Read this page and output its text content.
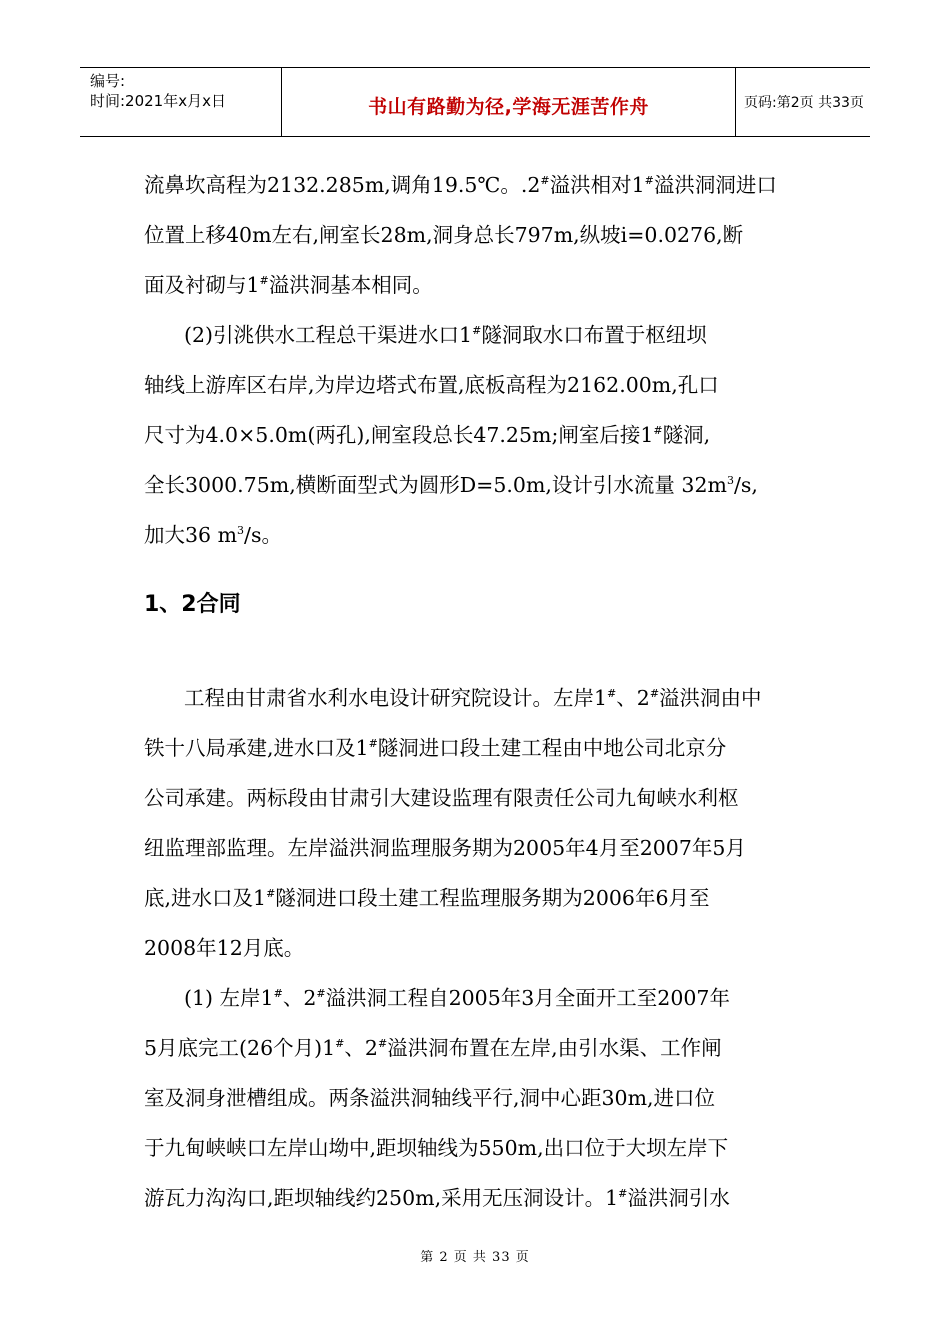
编号:
时间:2021年x月x日	书山有路勤为径,学海无涯苦作舟	页码:第2页 共33页
流鼻坎高程为2132.285m,调角19.5℃。.2#溢洪相对1#溢洪洞洞进口
位置上移40m左右,闸室长28m,洞身总长797m,纵坡i=0.0276,断
面及衬砌与1#溢洪洞基本相同。
(2)引洮供水工程总干渠进水口1#隧洞取水口布置于枢纽坝
轴线上游库区右岸,为岸边塔式布置,底板高程为2162.00m,孔口
尺寸为4.0×5.0m(两孔),闸室段总长47.25m;闸室后接1#隧洞,
全长3000.75m,横断面型式为圆形D=5.0m,设计引水流量 $32m^3/s$,
加大36 $m^3/s$。
1、2合同
工程由甘肃省水利水电设计研究院设计。左岸1#、2#溢洪洞由中
铁十八局承建,进水口及1#隧洞进口段土建工程由中地公司北京分
公司承建。两标段由甘肃引大建设监理有限责任公司九甸峡水利枢
纽监理部监理。左岸溢洪洞监理服务期为2005年4月至2007年5月
底,进水口及1#隧洞进口段土建工程监理服务期为2006年6月至
2008年12月底。
(1) 左岸1#、2#溢洪洞工程自2005年3月全面开工至2007年
5月底完工(26个月)1#、2#溢洪洞布置在左岸,由引水渠、工作闸
室及洞身泄槽组成。两条溢洪洞轴线平行,洞中心距30m,进口位
于九甸峡峡口左岸山坳中,距坝轴线为550m,出口位于大坝左岸下
游瓦力沟沟口,距坝轴线约250m,采用无压洞设计。1#溢洪洞引水
第 2 页 共 33 页
